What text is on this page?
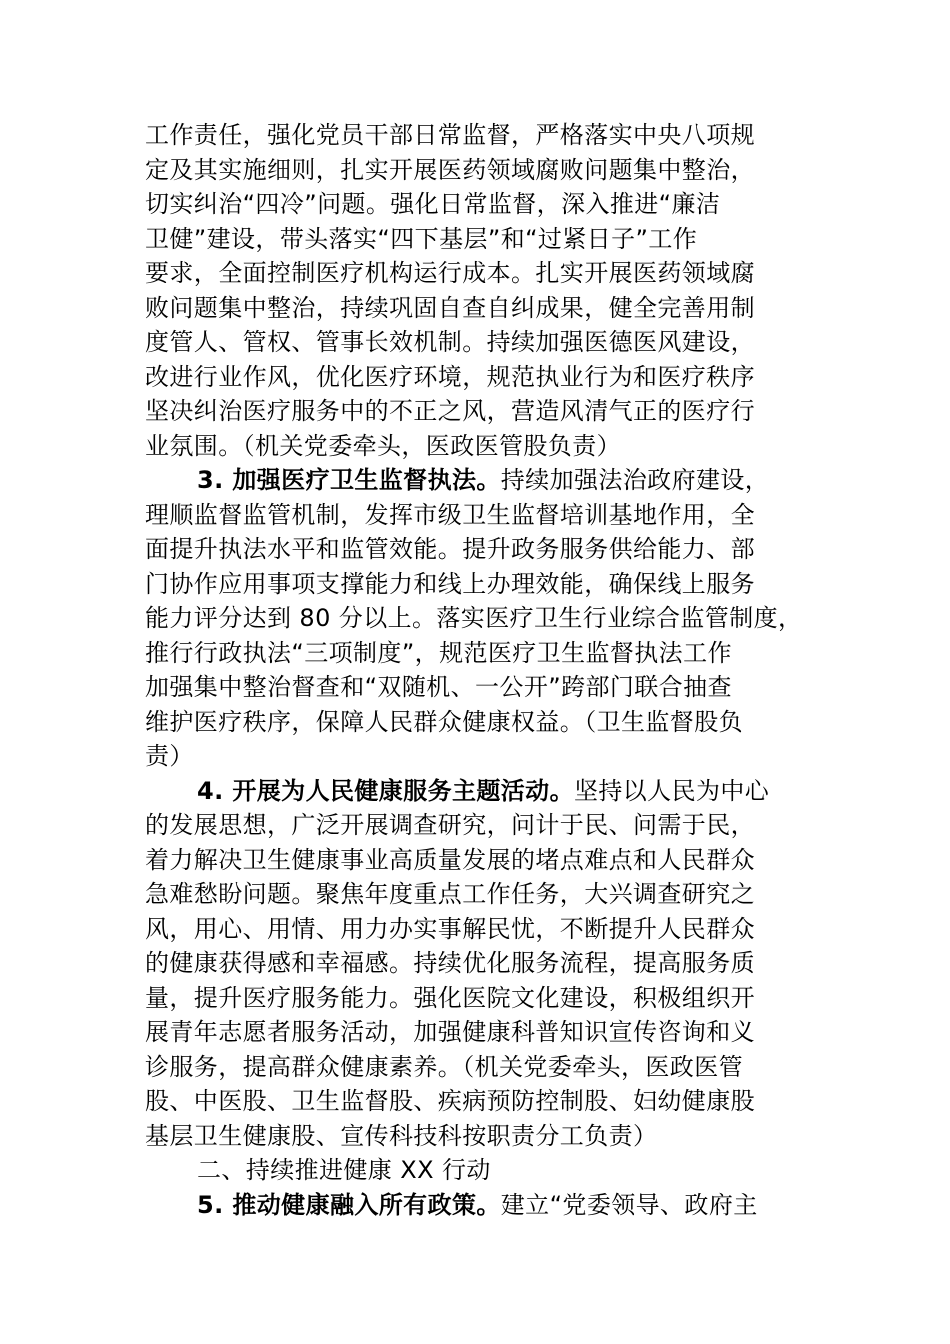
工作责任，强化党员干部日常监督，严格落实中央八项规
定及其实施细则，扎实开展医药领域腐败问题集中整治，
切实纠治“四冷”问题。强化日常监督，深入推进“廉洁
卫健”建设，带头落实“四下基层”和“过紧日子”工作
要求，全面控制医疗机构运行成本。扎实开展医药领域腐
败问题集中整治，持续巩固自查自纠成果，健全完善用制
度管人、管权、管事长效机制。持续加强医德医风建设，
改进行业作风，优化医疗环境，规范执业行为和医疗秩序
坚决纠治医疗服务中的不正之风，营造风清气正的医疗行
业氛围。（机关党委牵头，医政医管股负责）
3. 加强医疗卫生监督执法。持续加强法治政府建设，
理顺监督监管机制，发挥市级卫生监督培训基地作用，全
面提升执法水平和监管效能。提升政务服务供给能力、部
门协作应用事项支撑能力和线上办理效能，确保线上服务
能力评分达到 80 分以上。落实医疗卫生行业综合监管制度，
推行行政执法“三项制度”，规范医疗卫生监督执法工作
加强集中整治督查和“双随机、一公开”跨部门联合抽查
维护医疗秩序，保障人民群众健康权益。（卫生监督股负
责）
4. 开展为人民健康服务主题活动。坚持以人民为中心
的发展思想，广泛开展调查研究，问计于民、问需于民，
着力解决卫生健康事业高质量发展的堵点难点和人民群众
急难愁盼问题。聚焦年度重点工作任务，大兴调查研究之
风，用心、用情、用力办实事解民忧，不断提升人民群众
的健康获得感和幸福感。持续优化服务流程，提高服务质
量，提升医疗服务能力。强化医院文化建设，积极组织开
展青年志愿者服务活动，加强健康科普知识宣传咨询和义
诊服务，提高群众健康素养。（机关党委牵头，医政医管
股、中医股、卫生监督股、疾病预防控制股、妇幼健康股
基层卫生健康股、宣传科技科按职责分工负责）
二、持续推进健康 XX 行动
5. 推动健康融入所有政策。建立“党委领导、政府主
